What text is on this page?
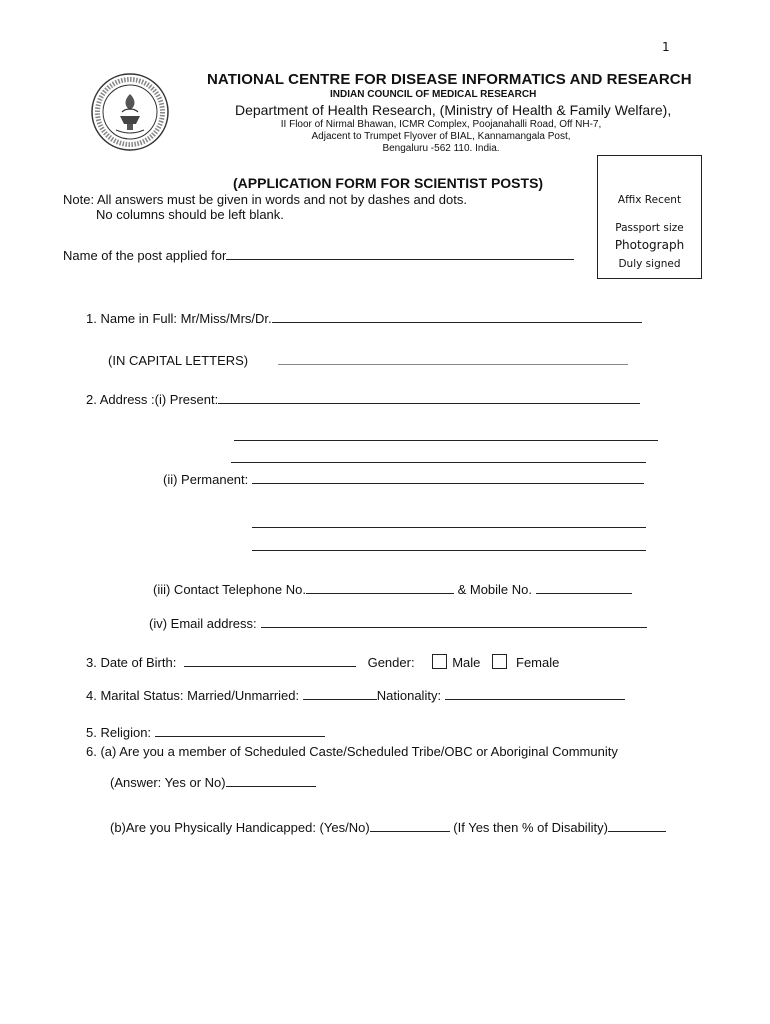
1
NATIONAL CENTRE FOR DISEASE INFORMATICS AND RESEARCH
INDIAN COUNCIL OF MEDICAL RESEARCH
Department of Health Research, (Ministry of Health & Family Welfare),
II Floor of Nirmal Bhawan, ICMR Complex, Poojanahalli Road, Off NH-7,
Adjacent to Trumpet Flyover of BIAL, Kannamangala Post,
Bengaluru -562 110. India.
Affix Recent
Passport size
Photograph
Duly signed
(APPLICATION FORM FOR SCIENTIST POSTS)
Note: All answers must be given in words and not by dashes and dots.
No columns should be left blank.
Name of the post applied for
1. Name in Full: Mr/Miss/Mrs/Dr.
(IN CAPITAL LETTERS)
2. Address :(i) Present:
(ii) Permanent:
(iii) Contact Telephone No.	& Mobile No.
(iv) Email address:
3. Date of Birth:	Gender:	Male	Female
4. Marital Status: Married/Unmarried:	Nationality:
5. Religion:
6. (a) Are you a member of Scheduled Caste/Scheduled Tribe/OBC or Aboriginal Community
(Answer: Yes or No)
(b)Are you Physically Handicapped: (Yes/No)	(If Yes then % of Disability)
